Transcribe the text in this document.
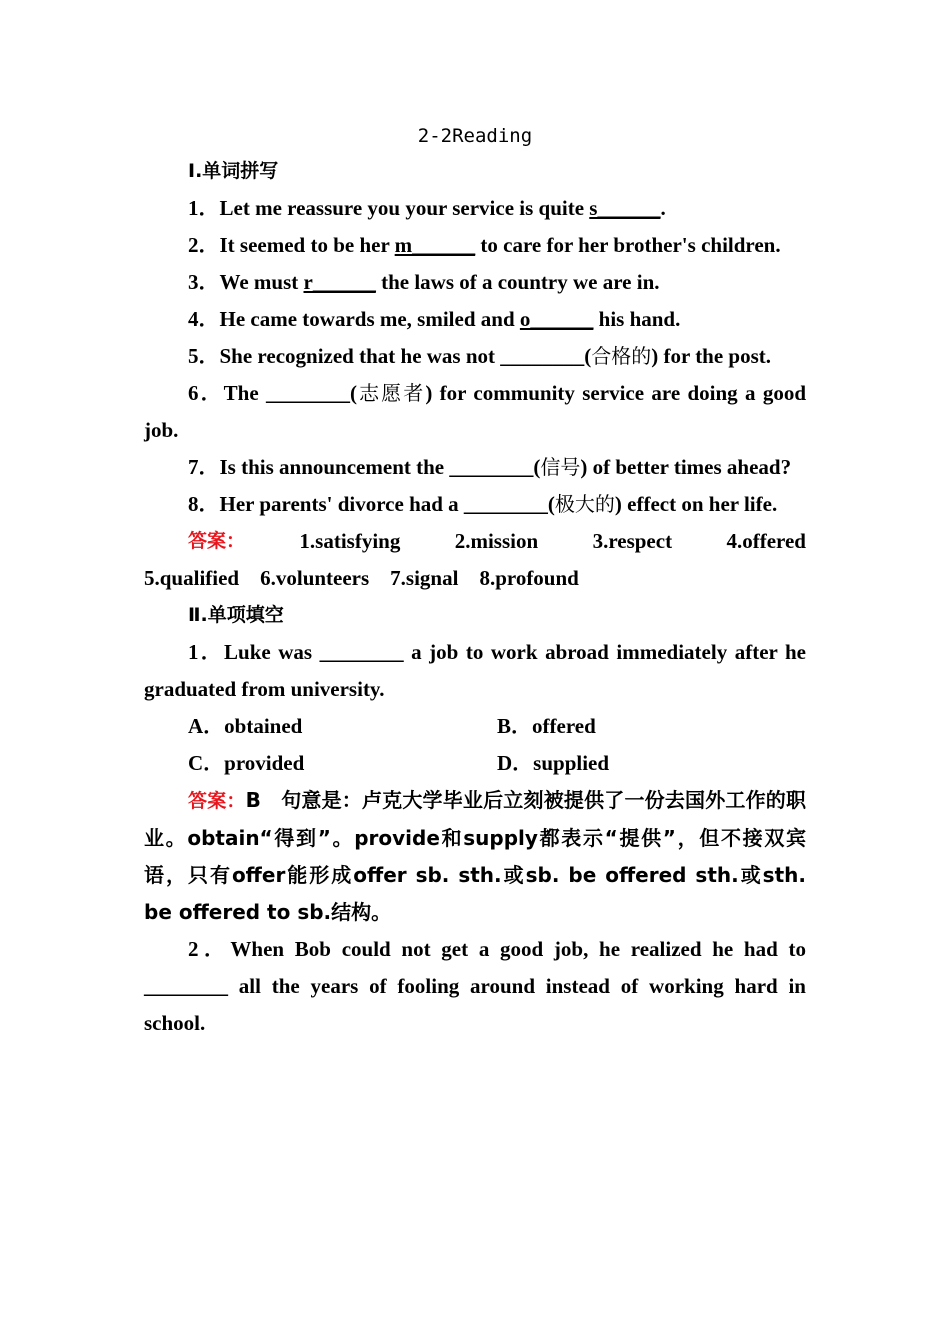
2-2Reading
Ⅰ.单词拼写

1．Let me reassure you your service is quite s______.

2．It seemed to be her m______ to care for her brother's children.

3．We must r______ the laws of a country we are in.

4．He came towards me, smiled and o______ his hand.

5．She recognized that he was not ________(合格的) for the post.

6．The ________(志愿者) for community service are doing a good job.

7．Is this announcement the ________(信号) of better times ahead?

8．Her parents' divorce had a ________(极大的) effect on her life.

答案：	1.satisfying	2.mission	3.respect	4.offered

5.qualified　6.volunteers　7.signal　8.profound

Ⅱ.单项填空

1．Luke was ________ a job to work abroad immediately after he graduated from university.

A．obtained	B．offered
C．provided	D．supplied

答案：B　句意是：卢克大学毕业后立刻被提供了一份去国外工作的职业。obtain“得到”。provide和supply都表示“提供”，但不接双宾语，只有offer能形成offer sb. sth.或sb. be offered sth.或sth. be offered to sb.结构。

2．When Bob could not get a good job, he realized he had to ________ all the years of fooling around instead of working hard in school.
